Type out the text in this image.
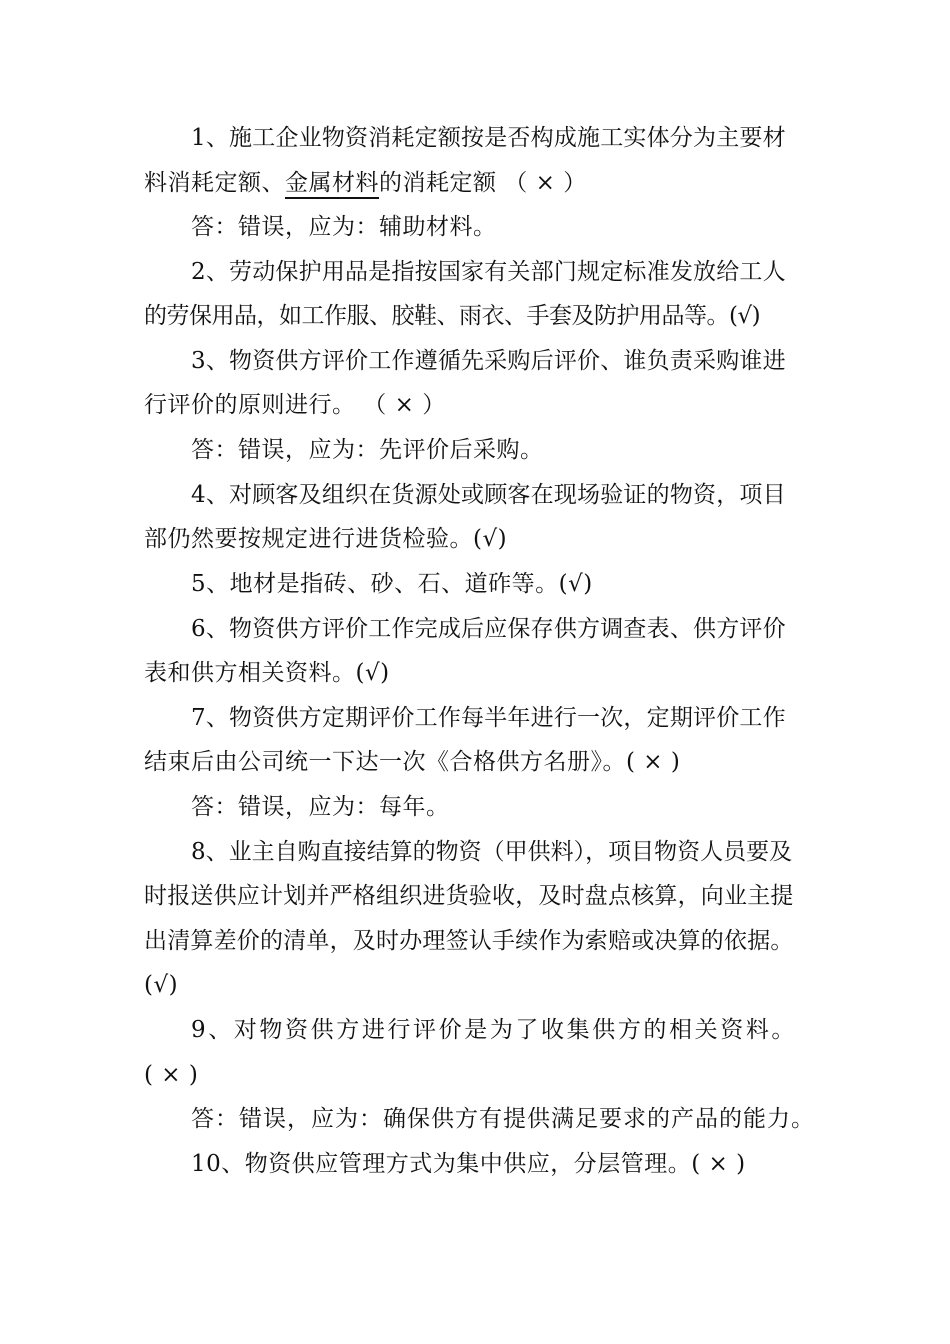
1、施工企业物资消耗定额按是否构成施工实体分为主要材
料消耗定额、金属材料的消耗定额 （ × ）
答：错误，应为：辅助材料。
2、劳动保护用品是指按国家有关部门规定标准发放给工人
的劳保用品，如工作服、胶鞋、雨衣、手套及防护用品等。(√)
3、物资供方评价工作遵循先采购后评价、谁负责采购谁进
行评价的原则进行。 （ × ）
答：错误，应为：先评价后采购。
4、对顾客及组织在货源处或顾客在现场验证的物资，项目
部仍然要按规定进行进货检验。(√)
5、地材是指砖、砂、石、道砟等。(√)
6、物资供方评价工作完成后应保存供方调查表、供方评价
表和供方相关资料。(√)
7、物资供方定期评价工作每半年进行一次，定期评价工作
结束后由公司统一下达一次《合格供方名册》。( × )
答：错误，应为：每年。
8、业主自购直接结算的物资（甲供料），项目物资人员要及
时报送供应计划并严格组织进货验收，及时盘点核算，向业主提
出清算差价的清单，及时办理签认手续作为索赔或决算的依据。
(√)
9、对物资供方进行评价是为了收集供方的相关资料。
( × )
答：错误，应为：确保供方有提供满足要求的产品的能力。
10、物资供应管理方式为集中供应，分层管理。( × )
